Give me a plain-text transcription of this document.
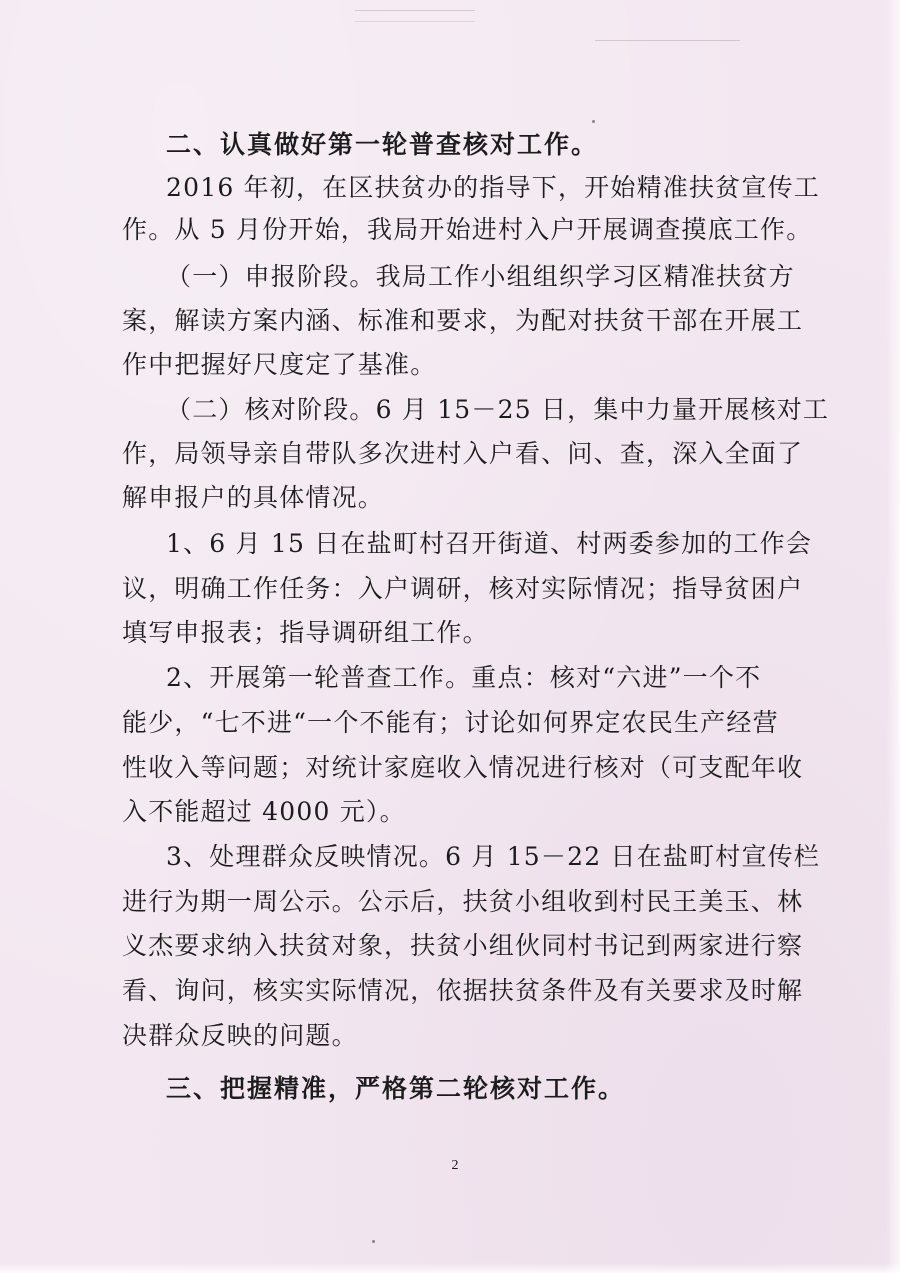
二、认真做好第一轮普查核对工作。
2016 年初，在区扶贫办的指导下，开始精准扶贫宣传工
作。从 5 月份开始，我局开始进村入户开展调查摸底工作。
（一）申报阶段。我局工作小组组织学习区精准扶贫方
案，解读方案内涵、标准和要求，为配对扶贫干部在开展工
作中把握好尺度定了基准。
（二）核对阶段。6 月 15－25 日，集中力量开展核对工
作，局领导亲自带队多次进村入户看、问、查，深入全面了
解申报户的具体情况。
1、6 月 15 日在盐町村召开街道、村两委参加的工作会
议，明确工作任务：入户调研，核对实际情况；指导贫困户
填写申报表；指导调研组工作。
2、开展第一轮普查工作。重点：核对“六进”一个不
能少，“七不进“一个不能有；讨论如何界定农民生产经营
性收入等问题；对统计家庭收入情况进行核对（可支配年收
入不能超过 4000 元）。
3、处理群众反映情况。6 月 15－22 日在盐町村宣传栏
进行为期一周公示。公示后，扶贫小组收到村民王美玉、林
义杰要求纳入扶贫对象，扶贫小组伙同村书记到两家进行察
看、询问，核实实际情况，依据扶贫条件及有关要求及时解
决群众反映的问题。
三、把握精准，严格第二轮核对工作。
2
